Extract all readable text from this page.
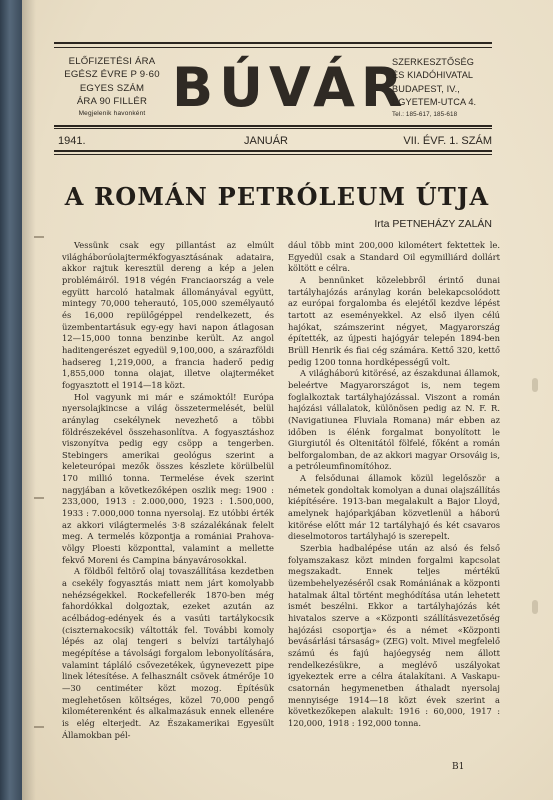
ELŐFIZETÉSI ÁRA
EGÉSZ ÉVRE P 9·60
EGYES SZÁM
ÁRA 90 FILLÉR
Megjelenik havonként BÚVÁR
SZERKESZTŐSÉG
ÉS KIADÓHIVATAL
BUDAPEST, IV.,
EGYETEM-UTCA 4.
Tel.: 185-617, 185-618
1941.	JANUÁR	VII. ÉVF. 1. SZÁM
A ROMÁN PETRÓLEUM ÚTJA
Irta PETNEHÁZY ZALÁN

Vessünk csak egy pillantást az elmúlt világháborúolajtermékfogyasztásának adataira, akkor rajtuk keresztül dereng a kép a jelen problémáiról. 1918 végén Franciaország a vele együtt harcoló hatalmak állományával együtt, mintegy 70,000 teherautó, 105,000 személyautó és 16,000 repülőgéppel rendelkezett, és üzembentartásuk egy-egy havi napon átlagosan 12—15,000 tonna benzinbe került. Az angol haditengerészet egyedül 9,100,000, a szárazföldi hadsereg 1,219,000, a francia haderő pedig 1,855,000 tonna olajat, illetve olajterméket fogyasztott el 1914—18 közt.

Hol vagyunk mi már e számoktól! Európa nyersolajkincse a világ összetermelését, belül aránylag csekélynek nevezhető a többi földrészekével összehasonlítva. A fogyasztáshoz viszonyítva pedig egy csöpp a tengerben. Stebingers amerikai geológus szerint a keleteurópai mezők összes készlete körülbelül 170 millió tonna. Termelése évek szerint nagyjában a következőképen oszlik meg: 1900 : 233,000, 1913 : 2.000,000, 1923 : 1.500,000, 1933 : 7.000,000 tonna nyersolaj. Ez utóbbi érték az akkori világtermelés 3·8 százalékának felelt meg. A termelés központja a romániai Prahova-völgy Ploesti központtal, valamint a mellette fekvő Moreni és Campina bányavárosokkal.

A földből feltörő olaj tovaszállítása kezdetben a csekély fogyasztás miatt nem járt komolyabb nehézségekkel. Rockefellerék 1870-ben még fahordókkal dolgoztak, ezeket azután az acélbádog-edények és a vasúti tartálykocsik (ciszternakocsik) váltották fel. További komoly lépés az olaj tengeri s belvízi tartályhajó megépítése a távolsági forgalom lebonyolítására, valamint tápláló csővezetékek, úgynevezett pipe linek létesítése. A felhasznált csövek átmérője 10—30 centiméter közt mozog. Építésük meglehetősen költséges, közel 70,000 pengő kilométerenként és alkalmazásuk ennek ellenére is elég elterjedt. Az Északamerikai Egyesült Államokban pél-

dául több mint 200,000 kilométert fektettek le. Egyedül csak a Standard Oil egymilliárd dollárt költött e célra.

A bennünket közelebbről érintő dunai tartályhajózás aránylag korán belekapcsolódott az európai forgalomba és elejétől kezdve lépést tartott az eseményekkel. Az első ilyen célú hajókat, számszerint négyet, Magyarország építették, az újpesti hajógyár telepén 1894-ben Brüll Henrik és fiai cég számára. Kettő 320, kettő pedig 1200 tonna hordképességű volt.

A világháború kitörésé, az északdunai államok, beleértve Magyarországot is, nem tegem foglalkoztak tartályhajózással. Viszont a román hajózási vállalatok, különösen pedig az N. F. R. (Navigatiunea Fluviala Romana) már ebben az időben is élénk forgalmat bonyolított le Giurgiutól és Oltenitától fölfelé, főként a román belforgalomban, de az akkori magyar Orsováig is, a petróleumfinomítóhoz.

A felsődunai államok közül legelőször a németek gondoltak komolyan a dunai olajszállítás kiépítésére. 1913-ban megalakult a Bajor Lloyd, amelynek hajóparkjában közvetlenül a háború kitörése előtt már 12 tartályhajó és két csavaros dieselmotoros tartályhajó is szerepelt.

Szerbia hadbalépése után az alsó és felső folyamszakasz közt minden forgalmi kapcsolat megszakadt. Ennek teljes mértékű üzembehelyezéséről csak Romániának a központi hatalmak által történt meghódítása után lehetett ismét beszélni. Ekkor a tartályhajózás két hivatalos szerve a «Központi szállításvezetőség hajózási csoportja» és a német «Központi bevásárlási társaság» (ZEG) volt. Mivel megfelelő számú és fajú hajóegység nem állott rendelkezésükre, a meglévő uszályokat igyekeztek erre a célra átalakítani. A Vaskapu-csatornán hegymenetben áthaladt nyersolaj mennyisége 1914—18 közt évek szerint a következőkepen alakult: 1916 : 60,000, 1917 : 120,000, 1918 : 192,000 tonna.

B1
